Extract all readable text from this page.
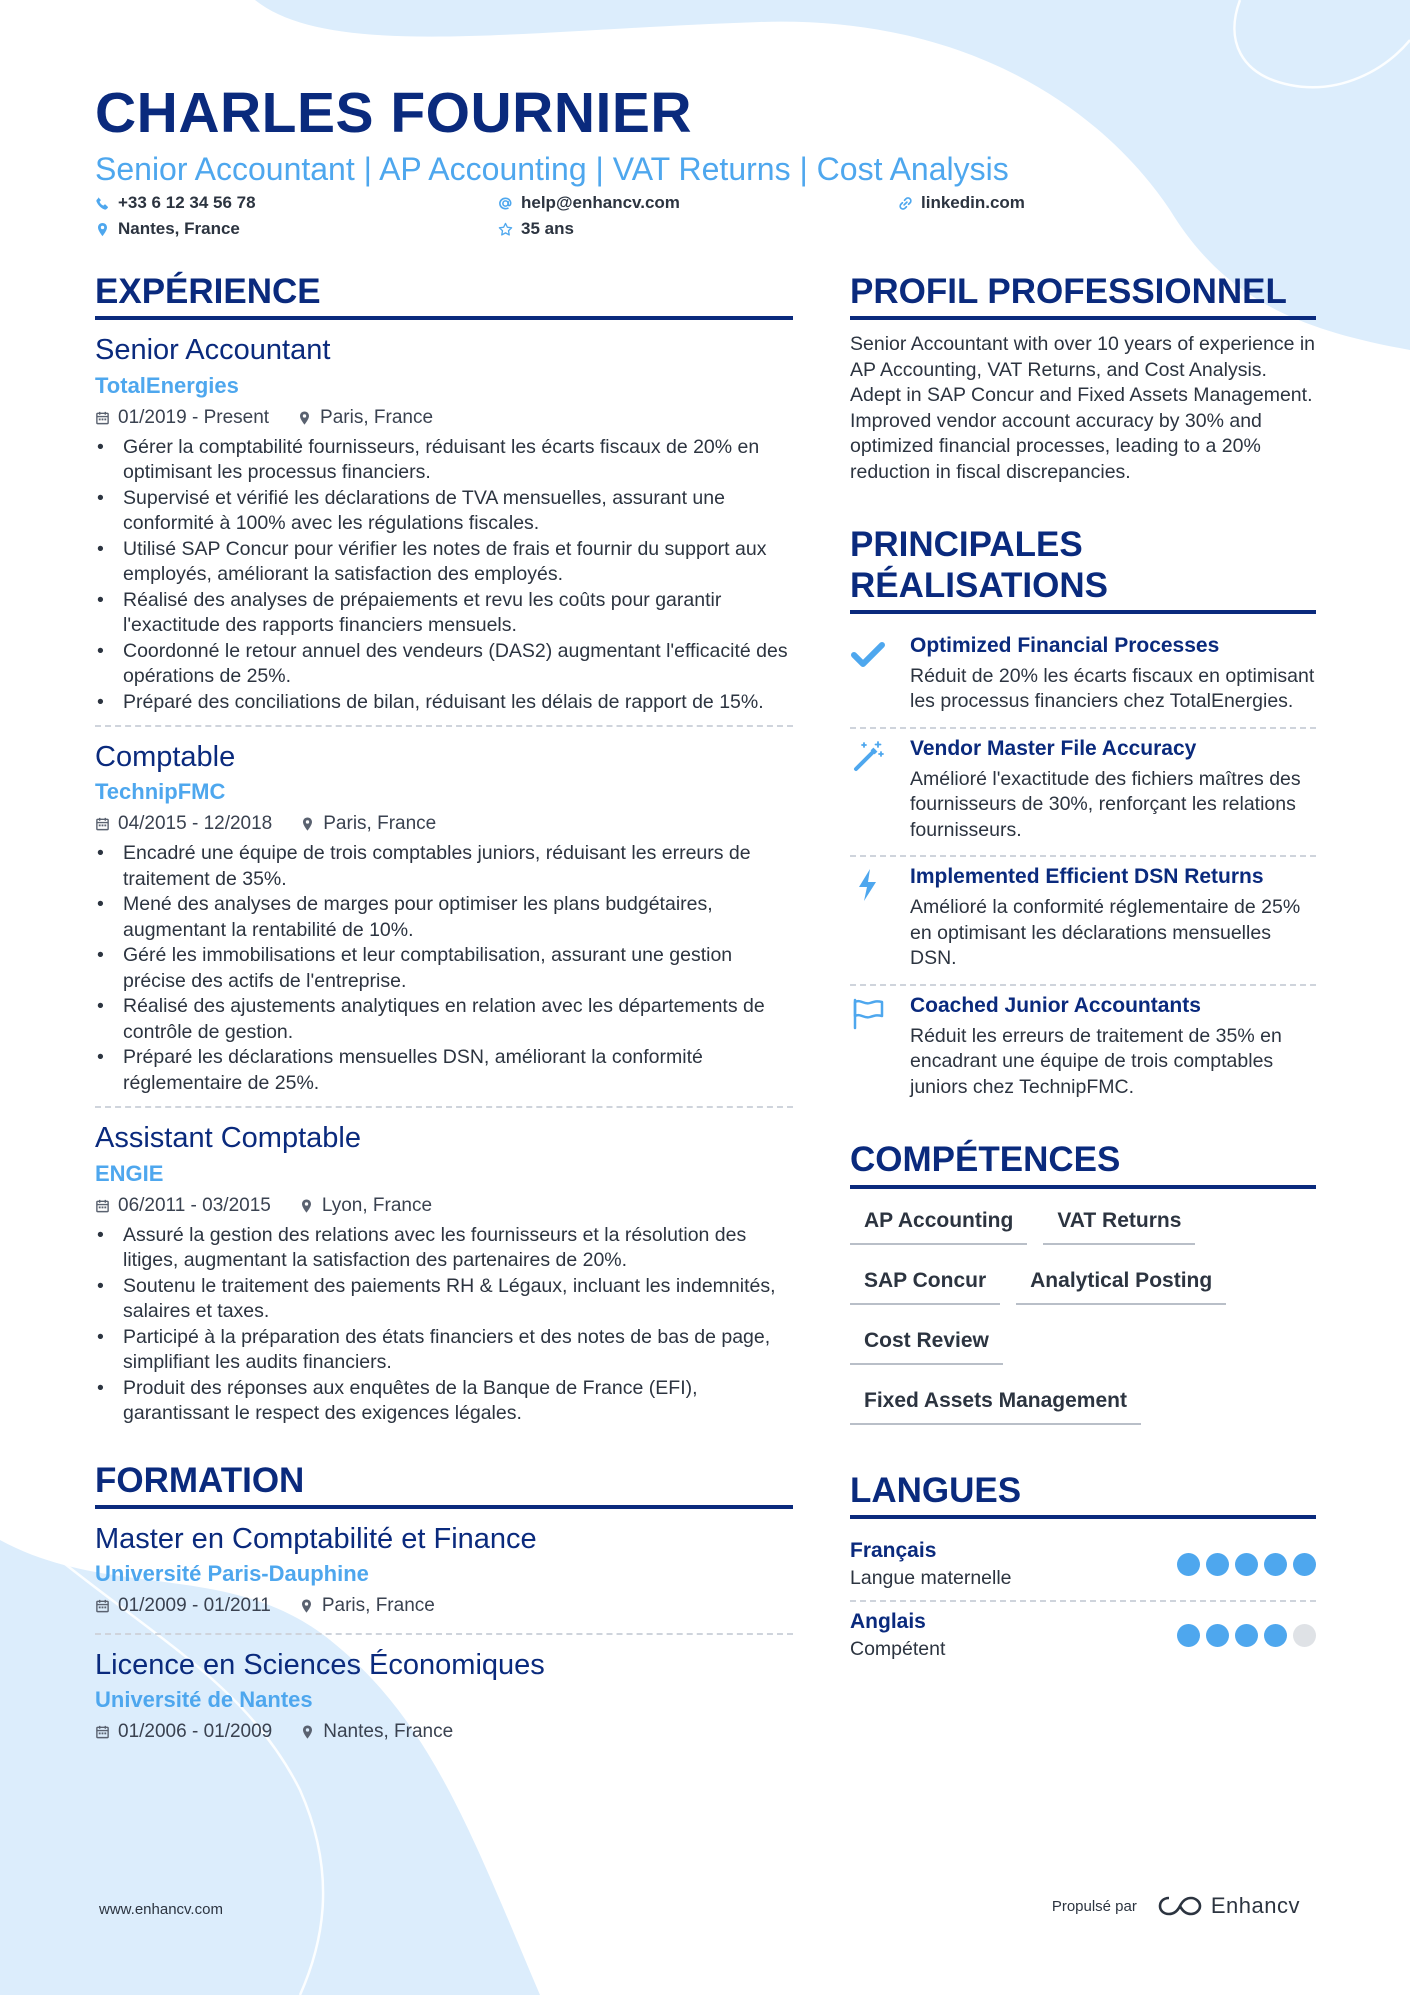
CHARLES FOURNIER
Senior Accountant | AP Accounting | VAT Returns | Cost Analysis
+33 6 12 34 56 78	help@enhancv.com	linkedin.com
Nantes, France	35 ans
EXPÉRIENCE
Senior Accountant
TotalEnergies
01/2019 - Present	Paris, France
• Gérer la comptabilité fournisseurs, réduisant les écarts fiscaux de 20% en optimisant les processus financiers.
• Supervisé et vérifié les déclarations de TVA mensuelles, assurant une conformité à 100% avec les régulations fiscales.
• Utilisé SAP Concur pour vérifier les notes de frais et fournir du support aux employés, améliorant la satisfaction des employés.
• Réalisé des analyses de prépaiements et revu les coûts pour garantir l'exactitude des rapports financiers mensuels.
• Coordonné le retour annuel des vendeurs (DAS2) augmentant l'efficacité des opérations de 25%.
• Préparé des conciliations de bilan, réduisant les délais de rapport de 15%.
Comptable
TechnipFMC
04/2015 - 12/2018	Paris, France
• Encadré une équipe de trois comptables juniors, réduisant les erreurs de traitement de 35%.
• Mené des analyses de marges pour optimiser les plans budgétaires, augmentant la rentabilité de 10%.
• Géré les immobilisations et leur comptabilisation, assurant une gestion précise des actifs de l'entreprise.
• Réalisé des ajustements analytiques en relation avec les départements de contrôle de gestion.
• Préparé les déclarations mensuelles DSN, améliorant la conformité réglementaire de 25%.
Assistant Comptable
ENGIE
06/2011 - 03/2015	Lyon, France
• Assuré la gestion des relations avec les fournisseurs et la résolution des litiges, augmentant la satisfaction des partenaires de 20%.
• Soutenu le traitement des paiements RH & Légaux, incluant les indemnités, salaires et taxes.
• Participé à la préparation des états financiers et des notes de bas de page, simplifiant les audits financiers.
• Produit des réponses aux enquêtes de la Banque de France (EFI), garantissant le respect des exigences légales.
FORMATION
Master en Comptabilité et Finance
Université Paris-Dauphine
01/2009 - 01/2011	Paris, France
Licence en Sciences Économiques
Université de Nantes
01/2006 - 01/2009	Nantes, France
PROFIL PROFESSIONNEL
Senior Accountant with over 10 years of experience in AP Accounting, VAT Returns, and Cost Analysis. Adept in SAP Concur and Fixed Assets Management. Improved vendor account accuracy by 30% and optimized financial processes, leading to a 20% reduction in fiscal discrepancies.
PRINCIPALES RÉALISATIONS
Optimized Financial Processes
Réduit de 20% les écarts fiscaux en optimisant les processus financiers chez TotalEnergies.
Vendor Master File Accuracy
Amélioré l'exactitude des fichiers maîtres des fournisseurs de 30%, renforçant les relations fournisseurs.
Implemented Efficient DSN Returns
Amélioré la conformité réglementaire de 25% en optimisant les déclarations mensuelles DSN.
Coached Junior Accountants
Réduit les erreurs de traitement de 35% en encadrant une équipe de trois comptables juniors chez TechnipFMC.
COMPÉTENCES
AP Accounting	VAT Returns
SAP Concur	Analytical Posting
Cost Review
Fixed Assets Management
LANGUES
Français
Langue maternelle
Anglais
Compétent
www.enhancv.com	Propulsé par	Enhancv
